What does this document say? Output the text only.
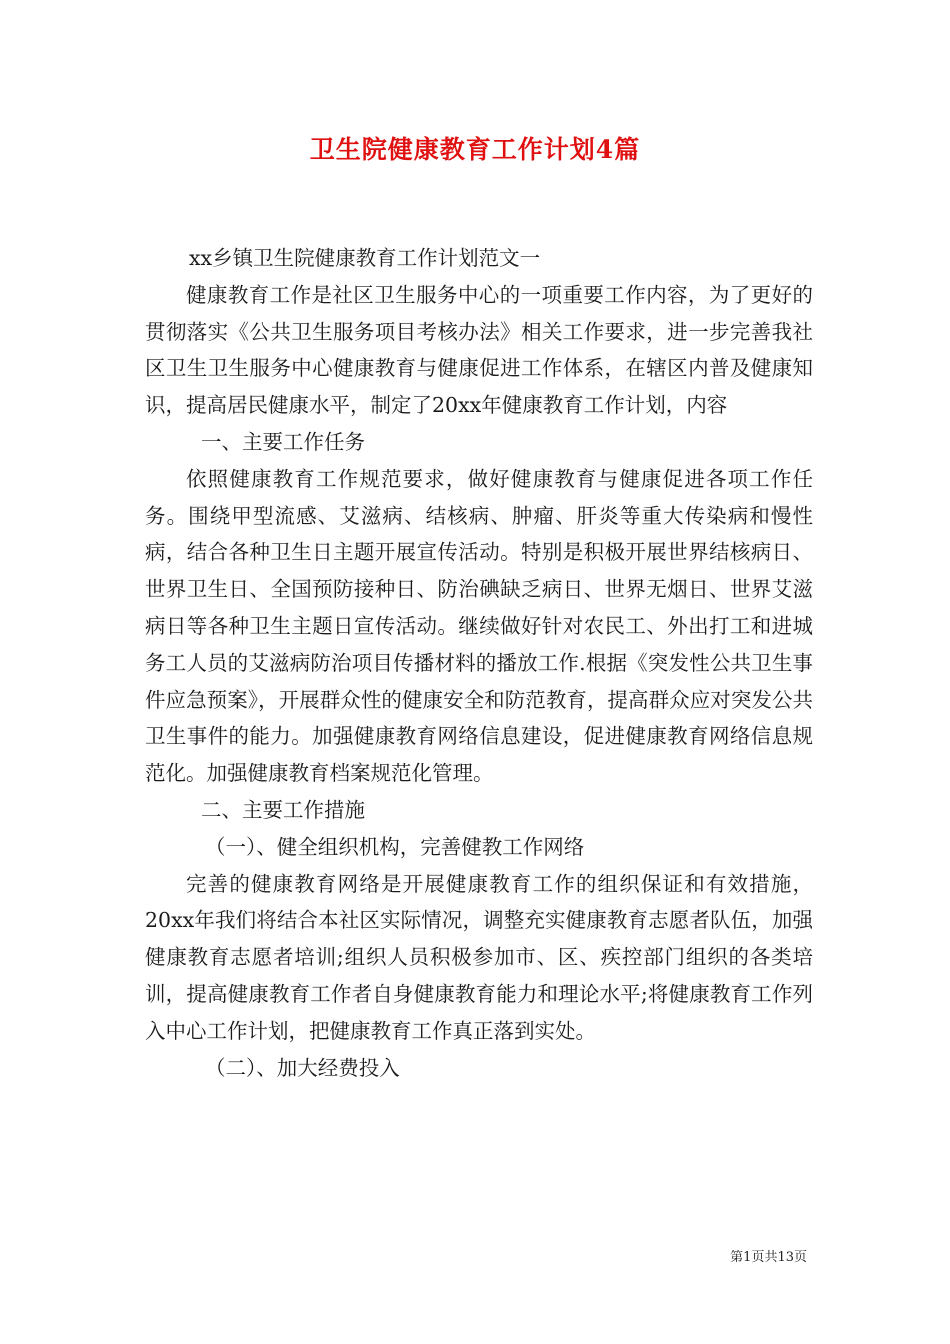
卫生院健康教育工作计划4篇

xx乡镇卫生院健康教育工作计划范文一

健康教育工作是社区卫生服务中心的一项重要工作内容，为了更好的贯彻落实《公共卫生服务项目考核办法》相关工作要求，进一步完善我社区卫生卫生服务中心健康教育与健康促进工作体系，在辖区内普及健康知识，提高居民健康水平，制定了20xx年健康教育工作计划，内容

一、主要工作任务

依照健康教育工作规范要求，做好健康教育与健康促进各项工作任务。围绕甲型流感、艾滋病、结核病、肿瘤、肝炎等重大传染病和慢性病，结合各种卫生日主题开展宣传活动。特别是积极开展世界结核病日、世界卫生日、全国预防接种日、防治碘缺乏病日、世界无烟日、世界艾滋病日等各种卫生主题日宣传活动。继续做好针对农民工、外出打工和进城务工人员的艾滋病防治项目传播材料的播放工作.根据《突发性公共卫生事件应急预案》，开展群众性的健康安全和防范教育，提高群众应对突发公共卫生事件的能力。加强健康教育网络信息建设，促进健康教育网络信息规范化。加强健康教育档案规范化管理。

二、主要工作措施

（一）、健全组织机构，完善健教工作网络

完善的健康教育网络是开展健康教育工作的组织保证和有效措施，20xx年我们将结合本社区实际情况，调整充实健康教育志愿者队伍，加强健康教育志愿者培训;组织人员积极参加市、区、疾控部门组织的各类培训，提高健康教育工作者自身健康教育能力和理论水平;将健康教育工作列入中心工作计划，把健康教育工作真正落到实处。

（二）、加大经费投入

第1页共13页
